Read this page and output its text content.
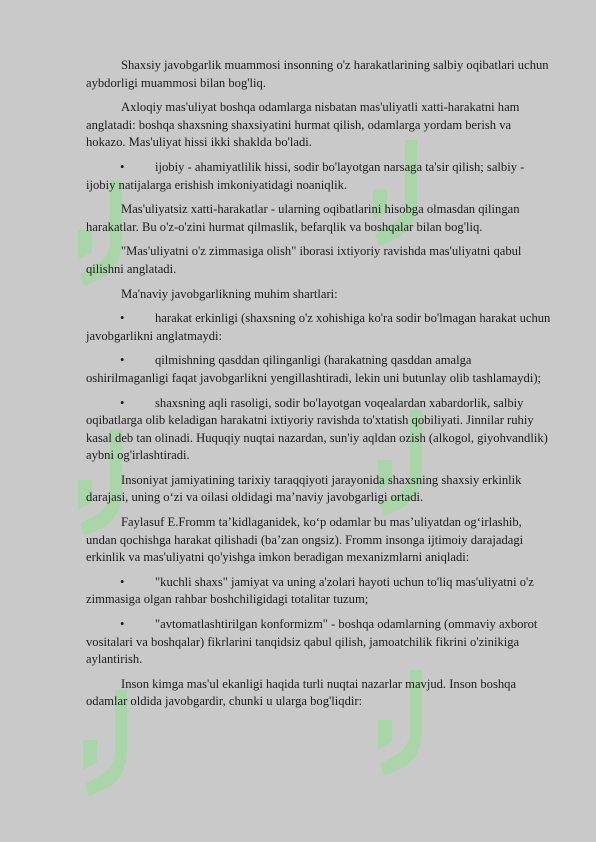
Shaxsiy javobgarlik muammosi insonning o'z harakatlarining salbiy oqibatlari uchun aybdorligi muammosi bilan bog'liq.

Axloqiy mas'uliyat boshqa odamlarga nisbatan mas'uliyatli xatti-harakatni ham anglatadi: boshqa shaxsning shaxsiyatini hurmat qilish, odamlarga yordam berish va hokazo. Mas'uliyat hissi ikki shaklda bo'ladi.

• ijobiy - ahamiyatlilik hissi, sodir bo'layotgan narsaga ta'sir qilish; salbiy - ijobiy natijalarga erishish imkoniyatidagi noaniqlik.

Mas'uliyatsiz xatti-harakatlar - ularning oqibatlarini hisobga olmasdan qilingan harakatlar. Bu o'z-o'zini hurmat qilmaslik, befarqlik va boshqalar bilan bog'liq.

"Mas'uliyatni o'z zimmasiga olish" iborasi ixtiyoriy ravishda mas'uliyatni qabul qilishni anglatadi.

Ma'naviy javobgarlikning muhim shartlari:

• harakat erkinligi (shaxsning o'z xohishiga ko'ra sodir bo'lmagan harakat uchun javobgarlikni anglatmaydi:

• qilmishning qasddan qilinganligi (harakatning qasddan amalga oshirilmaganligi faqat javobgarlikni yengillashtiradi, lekin uni butunlay olib tashlamaydi);

• shaxsning aqli rasoligi, sodir bo'layotgan voqealardan xabardorlik, salbiy oqibatlarga olib keladigan harakatni ixtiyoriy ravishda to'xtatish qobiliyati. Jinnilar ruhiy kasal deb tan olinadi. Huquqiy nuqtai nazardan, sun'iy aqldan ozish (alkogol, giyohvandlik) aybni og'irlashtiradi.

Insoniyat jamiyatining tarixiy taraqqiyoti jarayonida shaxsning shaxsiy erkinlik darajasi, uning o‘zi va oilasi oldidagi ma’naviy javobgarligi ortadi.

Faylasuf E.Fromm ta’kidlaganidek, ko‘p odamlar bu mas’uliyatdan og‘irlashib, undan qochishga harakat qilishadi (ba’zan ongsiz). Fromm insonga ijtimoiy darajadagi erkinlik va mas'uliyatni qo'yishga imkon beradigan mexanizmlarni aniqladi:

• "kuchli shaxs" jamiyat va uning a'zolari hayoti uchun to'liq mas'uliyatni o'z zimmasiga olgan rahbar boshchiligidagi totalitar tuzum;

• "avtomatlashtirilgan konformizm" - boshqa odamlarning (ommaviy axborot vositalari va boshqalar) fikrlarini tanqidsiz qabul qilish, jamoatchilik fikrini o'zinikiga aylantirish.

Inson kimga mas'ul ekanligi haqida turli nuqtai nazarlar mavjud. Inson boshqa odamlar oldida javobgardir, chunki u ularga bog'liqdir:
